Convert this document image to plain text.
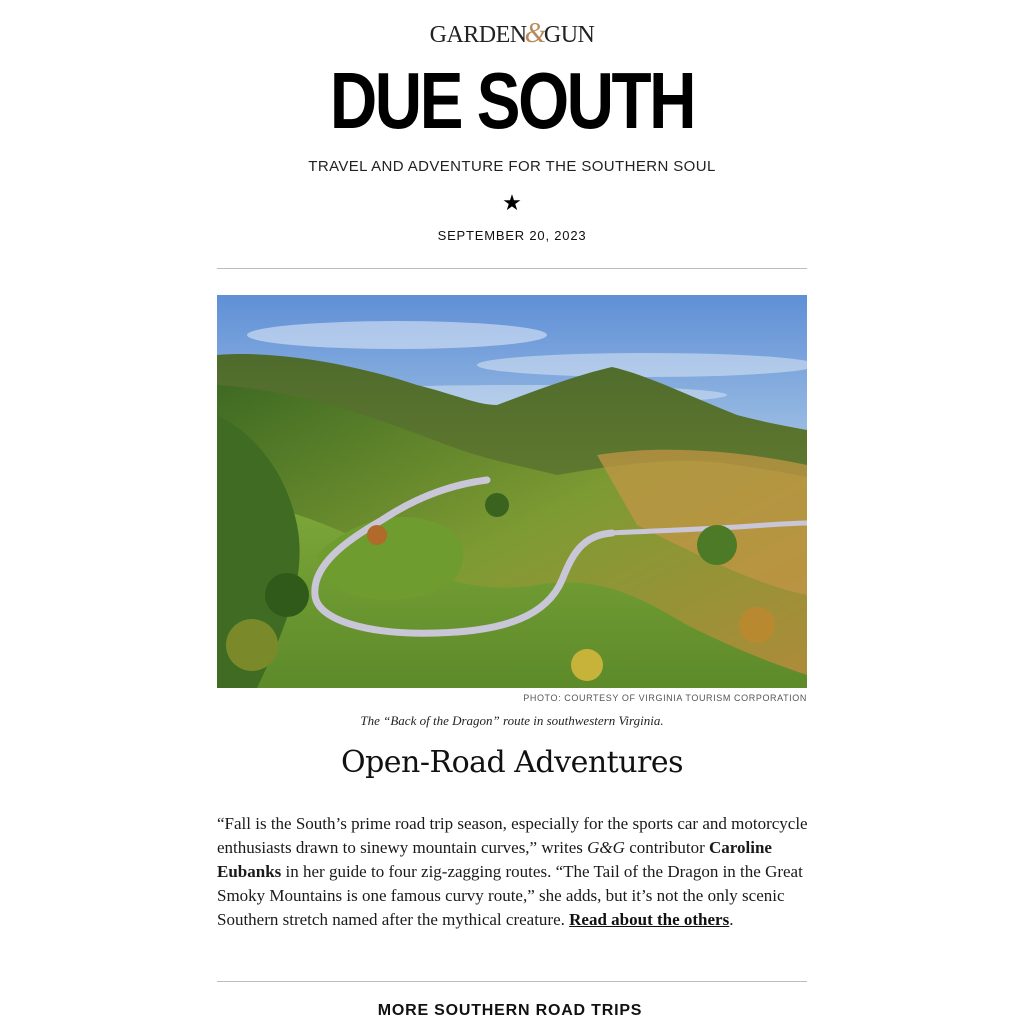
GARDEN&GUN
DUE SOUTH
TRAVEL AND ADVENTURE FOR THE SOUTHERN SOUL
★
SEPTEMBER 20, 2023
PHOTO: COURTESY OF VIRGINIA TOURISM CORPORATION
The “Back of the Dragon” route in southwestern Virginia.
Open-Road Adventures
“Fall is the South’s prime road trip season, especially for the sports car and motorcycle enthusiasts drawn to sinewy mountain curves,” writes G&G contributor Caroline Eubanks in her guide to four zig-zagging routes. “The Tail of the Dragon in the Great Smoky Mountains is one famous curvy route,” she adds, but it’s not the only scenic Southern stretch named after the mythical creature. Read about the others.
MORE SOUTHERN ROAD TRIPS
